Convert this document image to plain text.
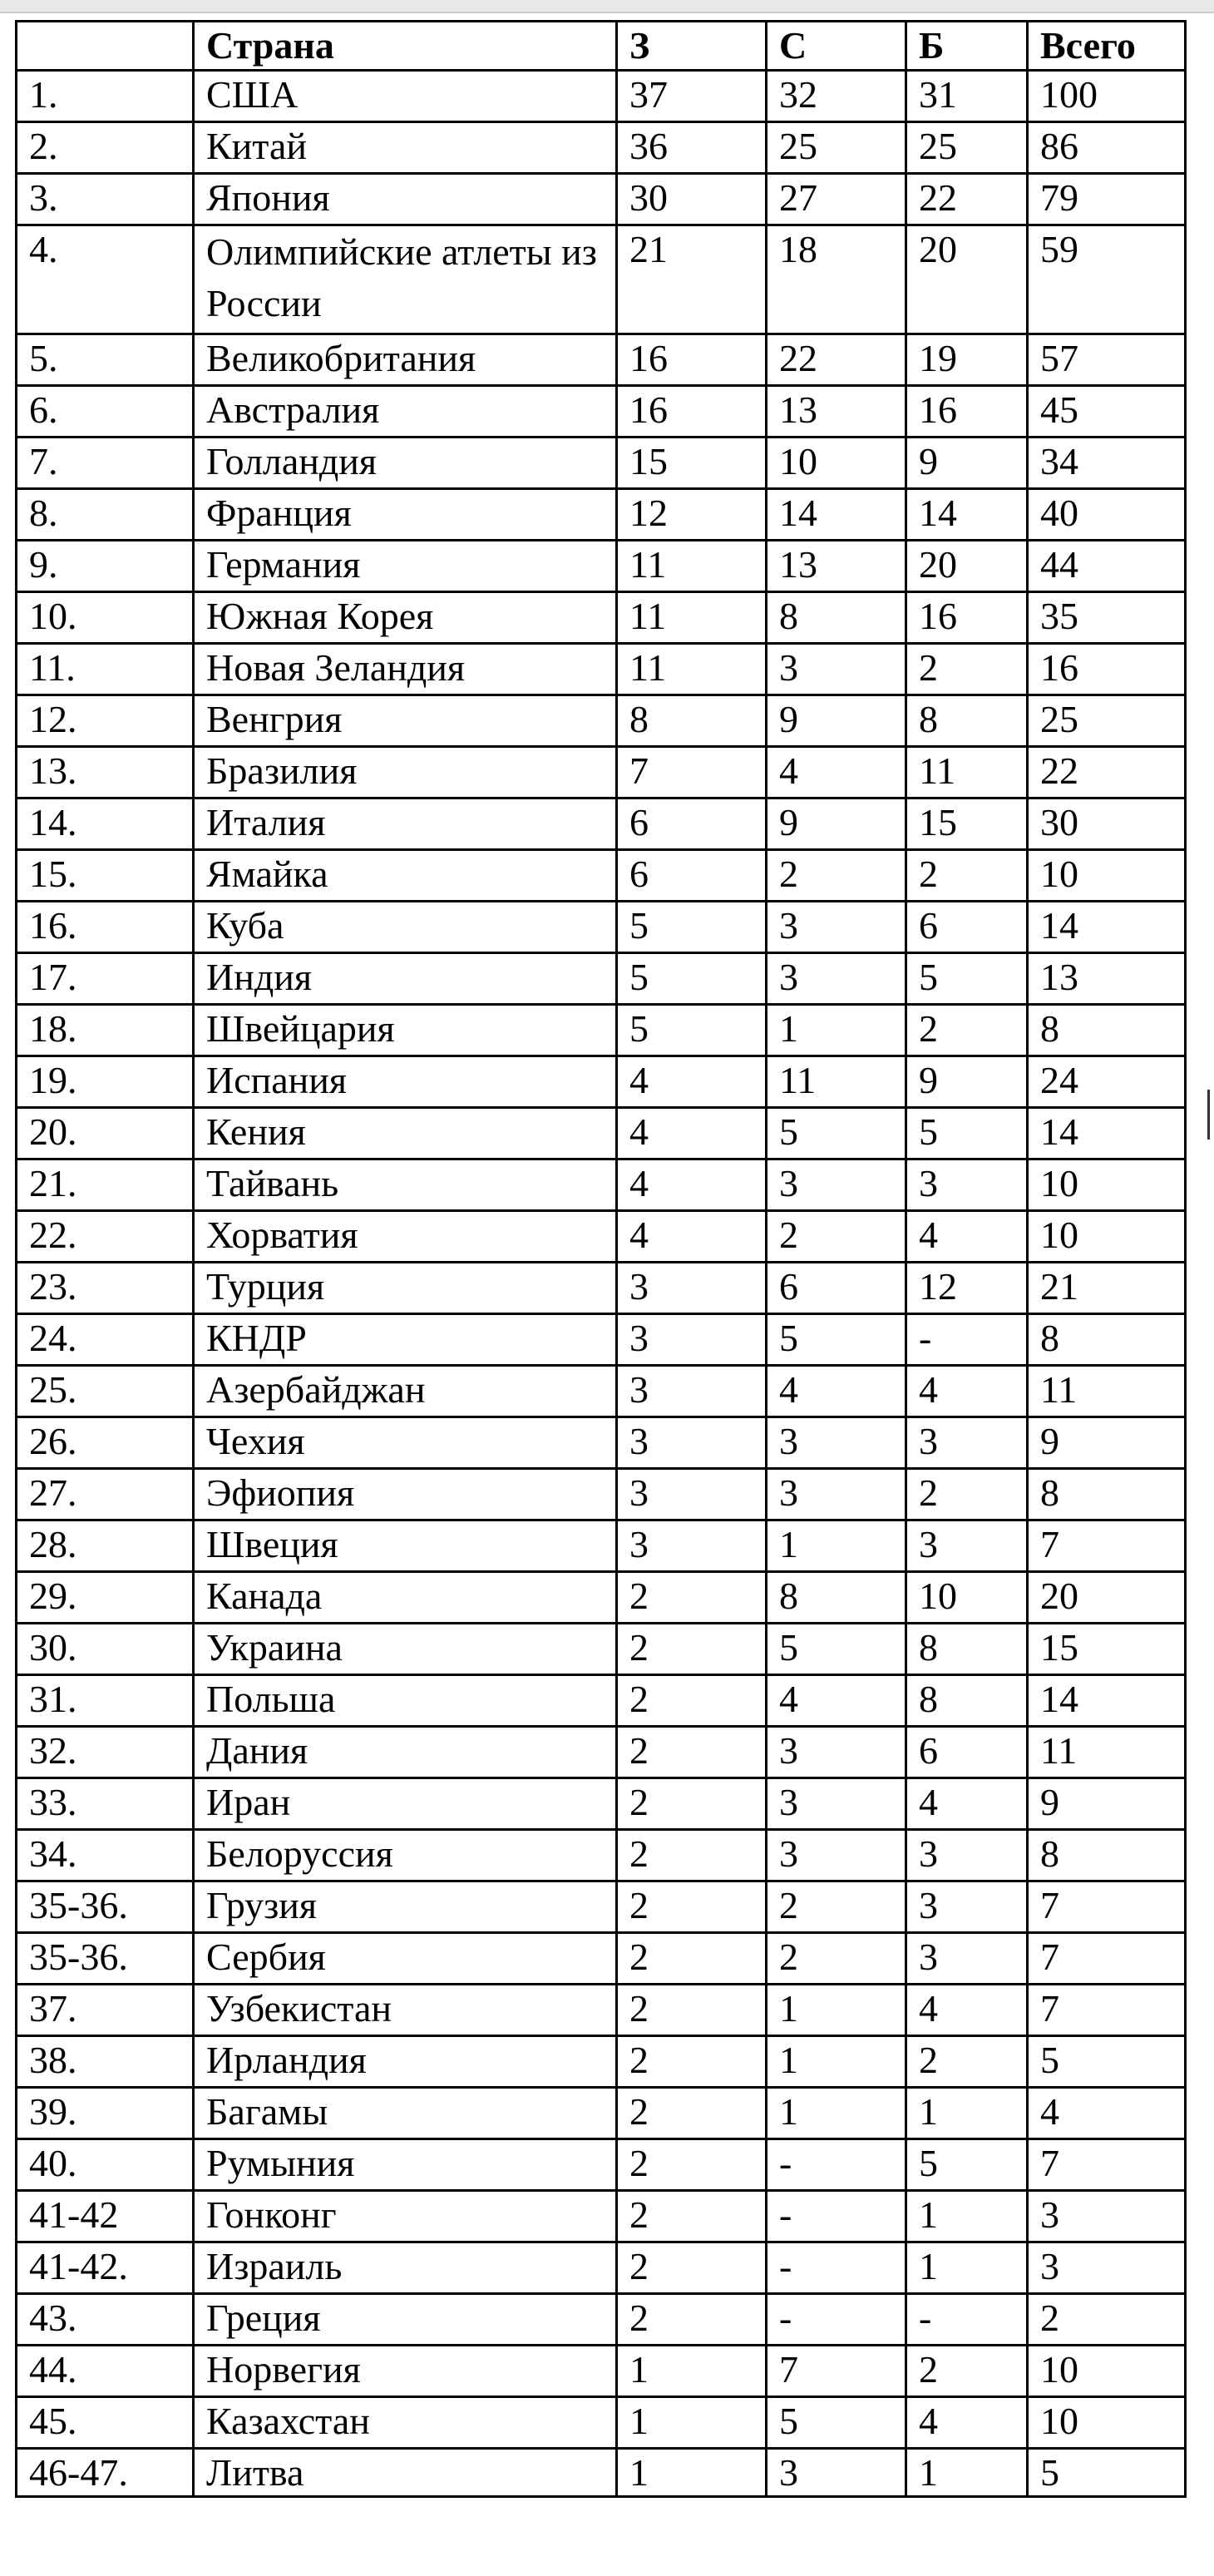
	Страна	З	С	Б	Всего
1.	США	37	32	31	100
2.	Китай	36	25	25	86
3.	Япония	30	27	22	79
4.	Олимпийские атлеты из России	21	18	20	59
5.	Великобритания	16	22	19	57
6.	Австралия	16	13	16	45
7.	Голландия	15	10	9	34
8.	Франция	12	14	14	40
9.	Германия	11	13	20	44
10.	Южная Корея	11	8	16	35
11.	Новая Зеландия	11	3	2	16
12.	Венгрия	8	9	8	25
13.	Бразилия	7	4	11	22
14.	Италия	6	9	15	30
15.	Ямайка	6	2	2	10
16.	Куба	5	3	6	14
17.	Индия	5	3	5	13
18.	Швейцария	5	1	2	8
19.	Испания	4	11	9	24
20.	Кения	4	5	5	14
21.	Тайвань	4	3	3	10
22.	Хорватия	4	2	4	10
23.	Турция	3	6	12	21
24.	КНДР	3	5	-	8
25.	Азербайджан	3	4	4	11
26.	Чехия	3	3	3	9
27.	Эфиопия	3	3	2	8
28.	Швеция	3	1	3	7
29.	Канада	2	8	10	20
30.	Украина	2	5	8	15
31.	Польша	2	4	8	14
32.	Дания	2	3	6	11
33.	Иран	2	3	4	9
34.	Белоруссия	2	3	3	8
35-36.	Грузия	2	2	3	7
35-36.	Сербия	2	2	3	7
37.	Узбекистан	2	1	4	7
38.	Ирландия	2	1	2	5
39.	Багамы	2	1	1	4
40.	Румыния	2	-	5	7
41-42	Гонконг	2	-	1	3
41-42.	Израиль	2	-	1	3
43.	Греция	2	-	-	2
44.	Норвегия	1	7	2	10
45.	Казахстан	1	5	4	10
46-47.	Литва	1	3	1	5
